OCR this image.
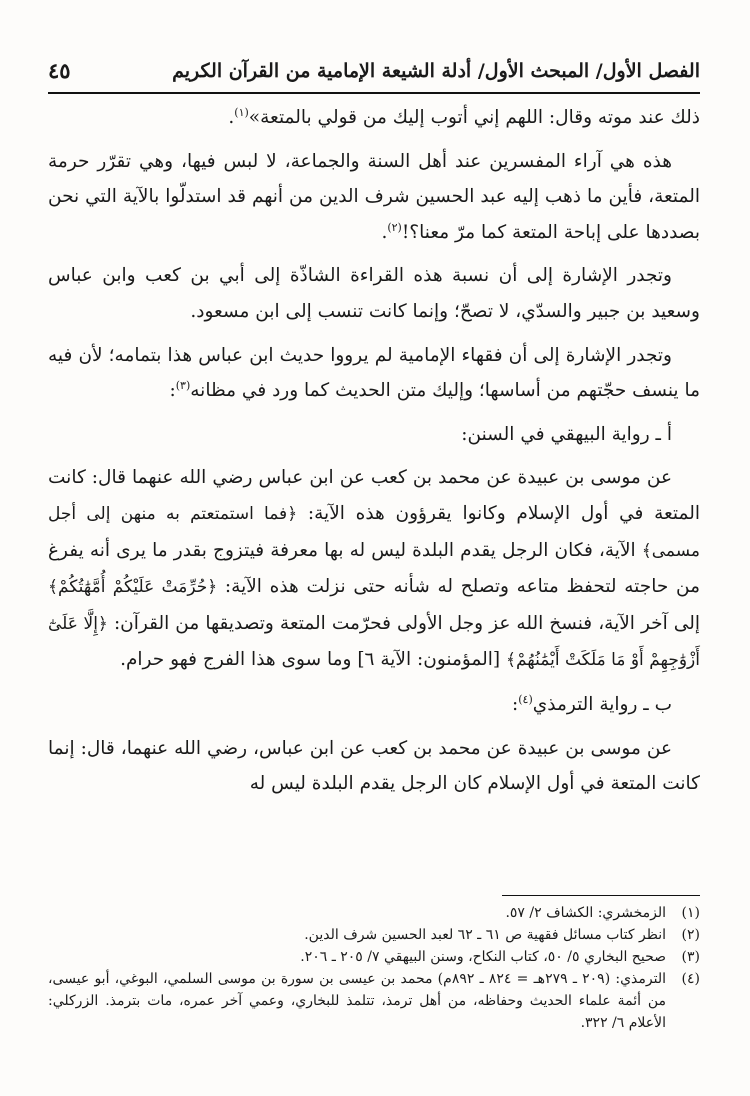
الفصل الأول/ المبحث الأول/ أدلة الشيعة الإمامية من القرآن الكريم
٤٥

ذلك عند موته وقال: اللهم إني أتوب إليك من قولي بالمتعة»$^{(١)}$.

هذه هي آراء المفسرين عند أهل السنة والجماعة، لا لبس فيها، وهي تقرّر حرمة المتعة، فأين ما ذهب إليه عبد الحسين شرف الدين من أنهم قد استدلّوا بالآية التي نحن بصددها على إباحة المتعة كما مرّ معنا؟!$^{(٢)}$.

وتجدر الإشارة إلى أن نسبة هذه القراءة الشاذّة إلى أبي بن كعب وابن عباس وسعيد بن جبير والسدّي، لا تصحّ؛ وإنما كانت تنسب إلى ابن مسعود.

وتجدر الإشارة إلى أن فقهاء الإمامية لم يرووا حديث ابن عباس هذا بتمامه؛ لأن فيه ما ينسف حجّتهم من أساسها؛ وإليك متن الحديث كما ورد في مظانه$^{(٣)}$:

أ ـ رواية البيهقي في السنن:

عن موسى بن عبيدة عن محمد بن كعب عن ابن عباس رضي الله عنهما قال: كانت المتعة في أول الإسلام وكانوا يقرؤون هذه الآية: ﴿فما استمتعتم به منهن إلى أجل مسمى﴾ الآية، فكان الرجل يقدم البلدة ليس له بها معرفة فيتزوج بقدر ما يرى أنه يفرغ من حاجته لتحفظ متاعه وتصلح له شأنه حتى نزلت هذه الآية: ﴿حُرِّمَتْ عَلَيْكُمْ أُمَّهَٰتُكُمْ﴾ إلى آخر الآية، فنسخ الله عز وجل الأولى فحرّمت المتعة وتصديقها من القرآن: ﴿إِلَّا عَلَىٰٓ أَزْوَٰجِهِمْ أَوْ مَا مَلَكَتْ أَيْمَٰنُهُمْ﴾ [المؤمنون: الآية ٦] وما سوى هذا الفرج فهو حرام.

ب ـ رواية الترمذي$^{(٤)}$:

عن موسى بن عبيدة عن محمد بن كعب عن ابن عباس، رضي الله عنهما، قال: إنما كانت المتعة في أول الإسلام كان الرجل يقدم البلدة ليس له

(١)
الزمخشري: الكشاف ٢/ ٥٧.
(٢)
انظر كتاب مسائل فقهية ص ٦١ ـ ٦٢ لعبد الحسين شرف الدين.
(٣)
صحيح البخاري ٥/ ٥٠، كتاب النكاح، وسنن البيهقي ٧/ ٢٠٥ ـ ٢٠٦.
(٤)
الترمذي: (٢٠٩ ـ ٢٧٩هـ = ٨٢٤ ـ ٨٩٢م) محمد بن عيسى بن سورة بن موسى السلمي، البوغي، أبو عيسى، من أئمة علماء الحديث وحفاظه، من أهل ترمذ، تتلمذ للبخاري، وعمي آخر عمره، مات بترمذ. الزركلي: الأعلام ٦/ ٣٢٢.
